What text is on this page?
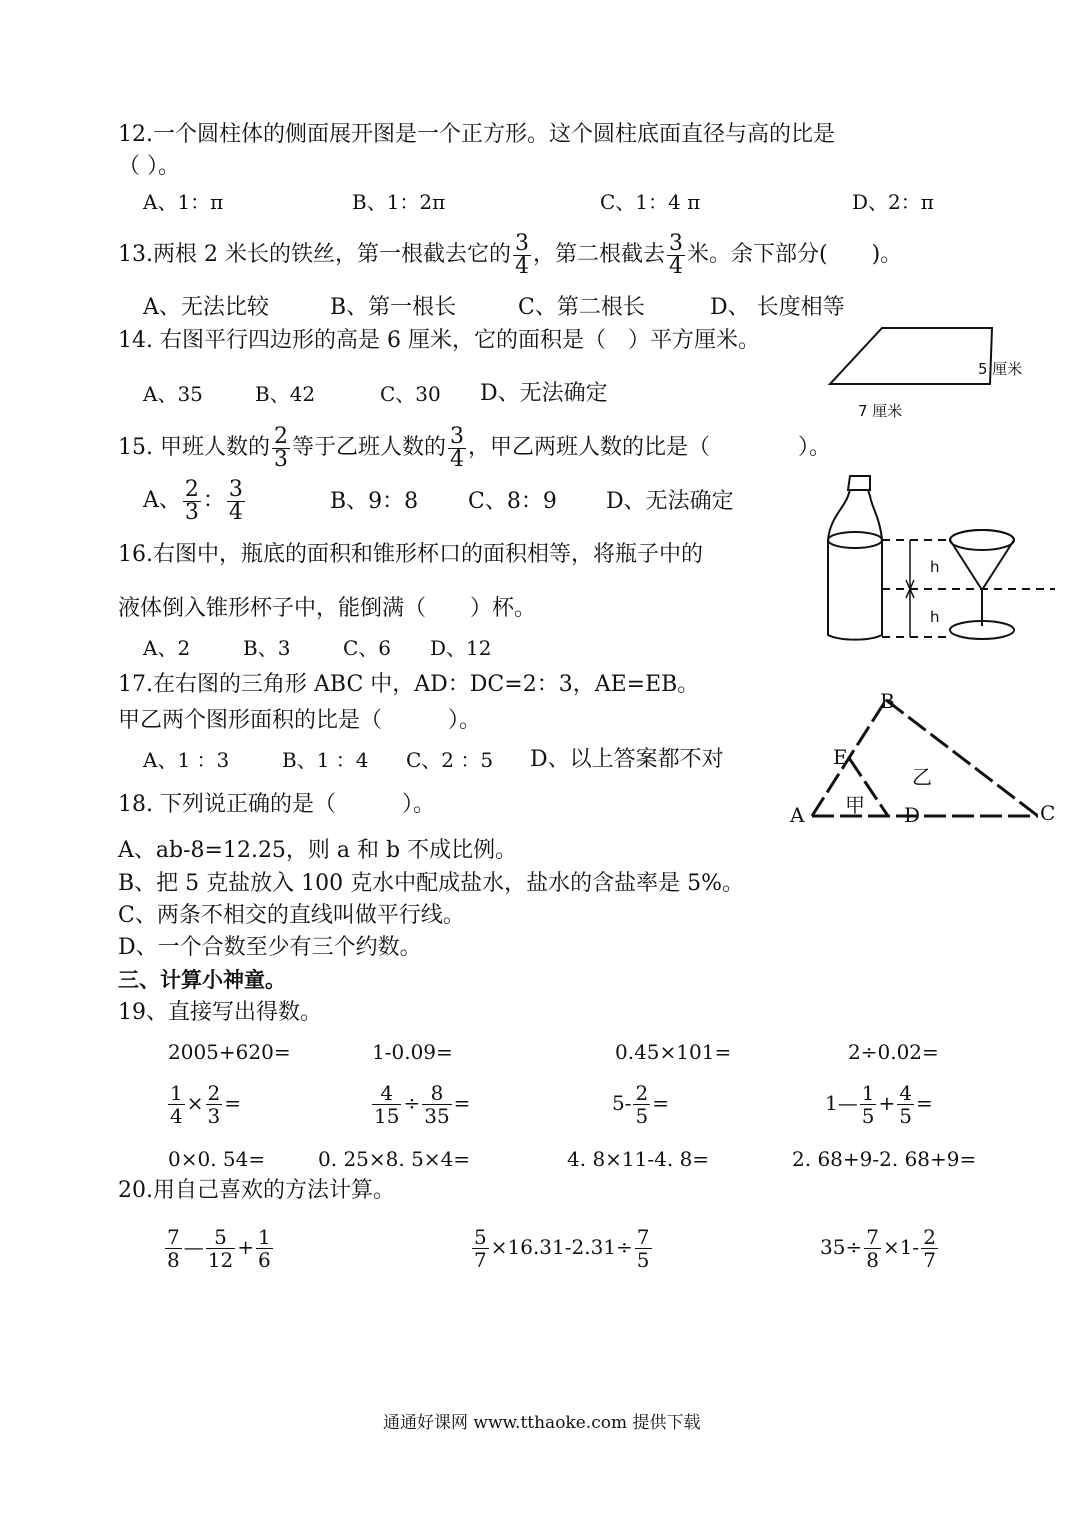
12.一个圆柱体的侧面展开图是一个正方形。这个圆柱底面直径与高的比是
（ ）。
A、1：π	B、1：2π	C、1：4 π	D、2：π
13.两根 2 米长的铁丝，第一根截去它的 $\frac{3}{4}$ ，第二根截去 $\frac{3}{4}$ 米。余下部分(　　)。
A、无法比较	B、第一根长	C、第二根长	D、 长度相等
14. 右图平行四边形的高是 6 厘米，它的面积是（　）平方厘米。
A、35	B、42	C、30 D、无法确定
5 厘米
7 厘米
15. 甲班人数的 $\frac{2}{3}$ 等于乙班人数的 $\frac{3}{4}$ ，甲乙两班人数的比是（　　　　）。
A、 $\frac{2}{3}$ ： $\frac{3}{4}$	B、9：8 C、8：9 D、无法确定
16.右图中，瓶底的面积和锥形杯口的面积相等，将瓶子中的
液体倒入锥形杯子中，能倒满（　　）杯。
A、2	B、3	C、6 D、12
h
h
17.在右图的三角形 ABC 中，AD：DC=2：3，AE=EB。
甲乙两个图形面积的比是（　　　）。
A、1 ：3	B、1 ：4 C、2 ：5 D、以上答案都不对
B
E
A	D	C
甲
乙
18. 下列说正确的是（　　　）。
A、ab-8=12.25，则 a 和 b 不成比例。
B、把 5 克盐放入 100 克水中配成盐水，盐水的含盐率是 5%。
C、两条不相交的直线叫做平行线。
D、一个合数至少有三个约数。
三、计算小神童。
19、直接写出得数。
2005+620=	1-0.09=	0.45×101=	2÷0.02=
$\frac{1}{4} \times \frac{2}{3}$ =	$\frac{4}{15} \div \frac{8}{35}$ =	$5- \frac{2}{5}$ =	1— $\frac{1}{5} + \frac{4}{5}$ =
0×0. 54=	0. 25×8. 5×4=	4. 8×11-4. 8=	2. 68+9-2. 68+9=
20.用自己喜欢的方法计算。
$\frac{7}{8}$ — $\frac{5}{12} + \frac{1}{6}$	$\frac{5}{7} \times 16.31-2.31\div \frac{7}{5}$	$35\div \frac{7}{8} \times 1- \frac{2}{7}$
通通好课网 www.tthaoke.com 提供下载
